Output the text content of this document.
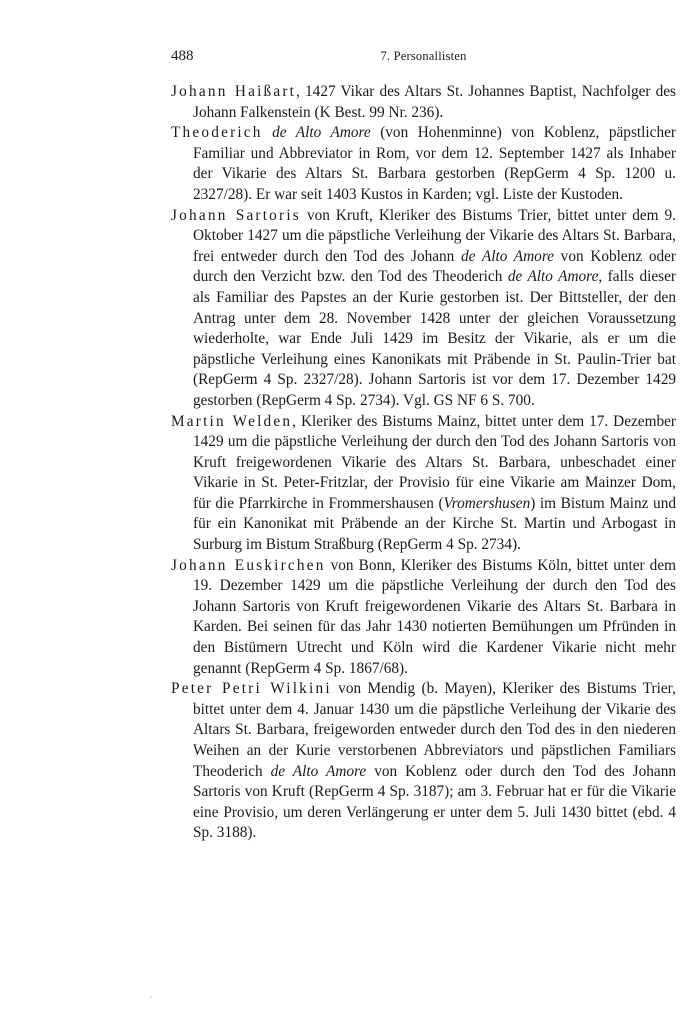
488	7. Personallisten

Johann Haißart, 1427 Vikar des Altars St. Johannes Baptist, Nachfolger des Johann Falkenstein (K Best. 99 Nr. 236).

Theoderich de Alto Amore (von Hohenminne) von Koblenz, päpstlicher Familiar und Abbreviator in Rom, vor dem 12. September 1427 als Inhaber der Vikarie des Altars St. Barbara gestorben (RepGerm 4 Sp. 1200 u. 2327/28). Er war seit 1403 Kustos in Karden; vgl. Liste der Kustoden.

Johann Sartoris von Kruft, Kleriker des Bistums Trier, bittet unter dem 9. Oktober 1427 um die päpstliche Verleihung der Vikarie des Altars St. Barbara, frei entweder durch den Tod des Johann de Alto Amore von Koblenz oder durch den Verzicht bzw. den Tod des Theoderich de Alto Amore, falls dieser als Familiar des Papstes an der Kurie gestorben ist. Der Bittsteller, der den Antrag unter dem 28. November 1428 unter der gleichen Voraussetzung wiederholte, war Ende Juli 1429 im Besitz der Vikarie, als er um die päpstliche Verleihung eines Kanonikats mit Präbende in St. Paulin-Trier bat (RepGerm 4 Sp. 2327/28). Johann Sartoris ist vor dem 17. Dezember 1429 gestorben (RepGerm 4 Sp. 2734). Vgl. GS NF 6 S. 700.

Martin Welden, Kleriker des Bistums Mainz, bittet unter dem 17. Dezember 1429 um die päpstliche Verleihung der durch den Tod des Johann Sartoris von Kruft freigewordenen Vikarie des Altars St. Barbara, unbeschadet einer Vikarie in St. Peter-Fritzlar, der Provisio für eine Vikarie am Mainzer Dom, für die Pfarrkirche in Frommershausen (Vromershusen) im Bistum Mainz und für ein Kanonikat mit Präbende an der Kirche St. Martin und Arbogast in Surburg im Bistum Straßburg (RepGerm 4 Sp. 2734).

Johann Euskirchen von Bonn, Kleriker des Bistums Köln, bittet unter dem 19. Dezember 1429 um die päpstliche Verleihung der durch den Tod des Johann Sartoris von Kruft freigewordenen Vikarie des Altars St. Barbara in Karden. Bei seinen für das Jahr 1430 notierten Bemühungen um Pfründen in den Bistümern Utrecht und Köln wird die Kardener Vikarie nicht mehr genannt (RepGerm 4 Sp. 1867/68).

Peter Petri Wilkini von Mendig (b. Mayen), Kleriker des Bistums Trier, bittet unter dem 4. Januar 1430 um die päpstliche Verleihung der Vikarie des Altars St. Barbara, freigeworden entweder durch den Tod des in den niederen Weihen an der Kurie verstorbenen Abbreviators und päpstlichen Familiars Theoderich de Alto Amore von Koblenz oder durch den Tod des Johann Sartoris von Kruft (RepGerm 4 Sp. 3187); am 3. Februar hat er für die Vikarie eine Provisio, um deren Verlängerung er unter dem 5. Juli 1430 bittet (ebd. 4 Sp. 3188).
